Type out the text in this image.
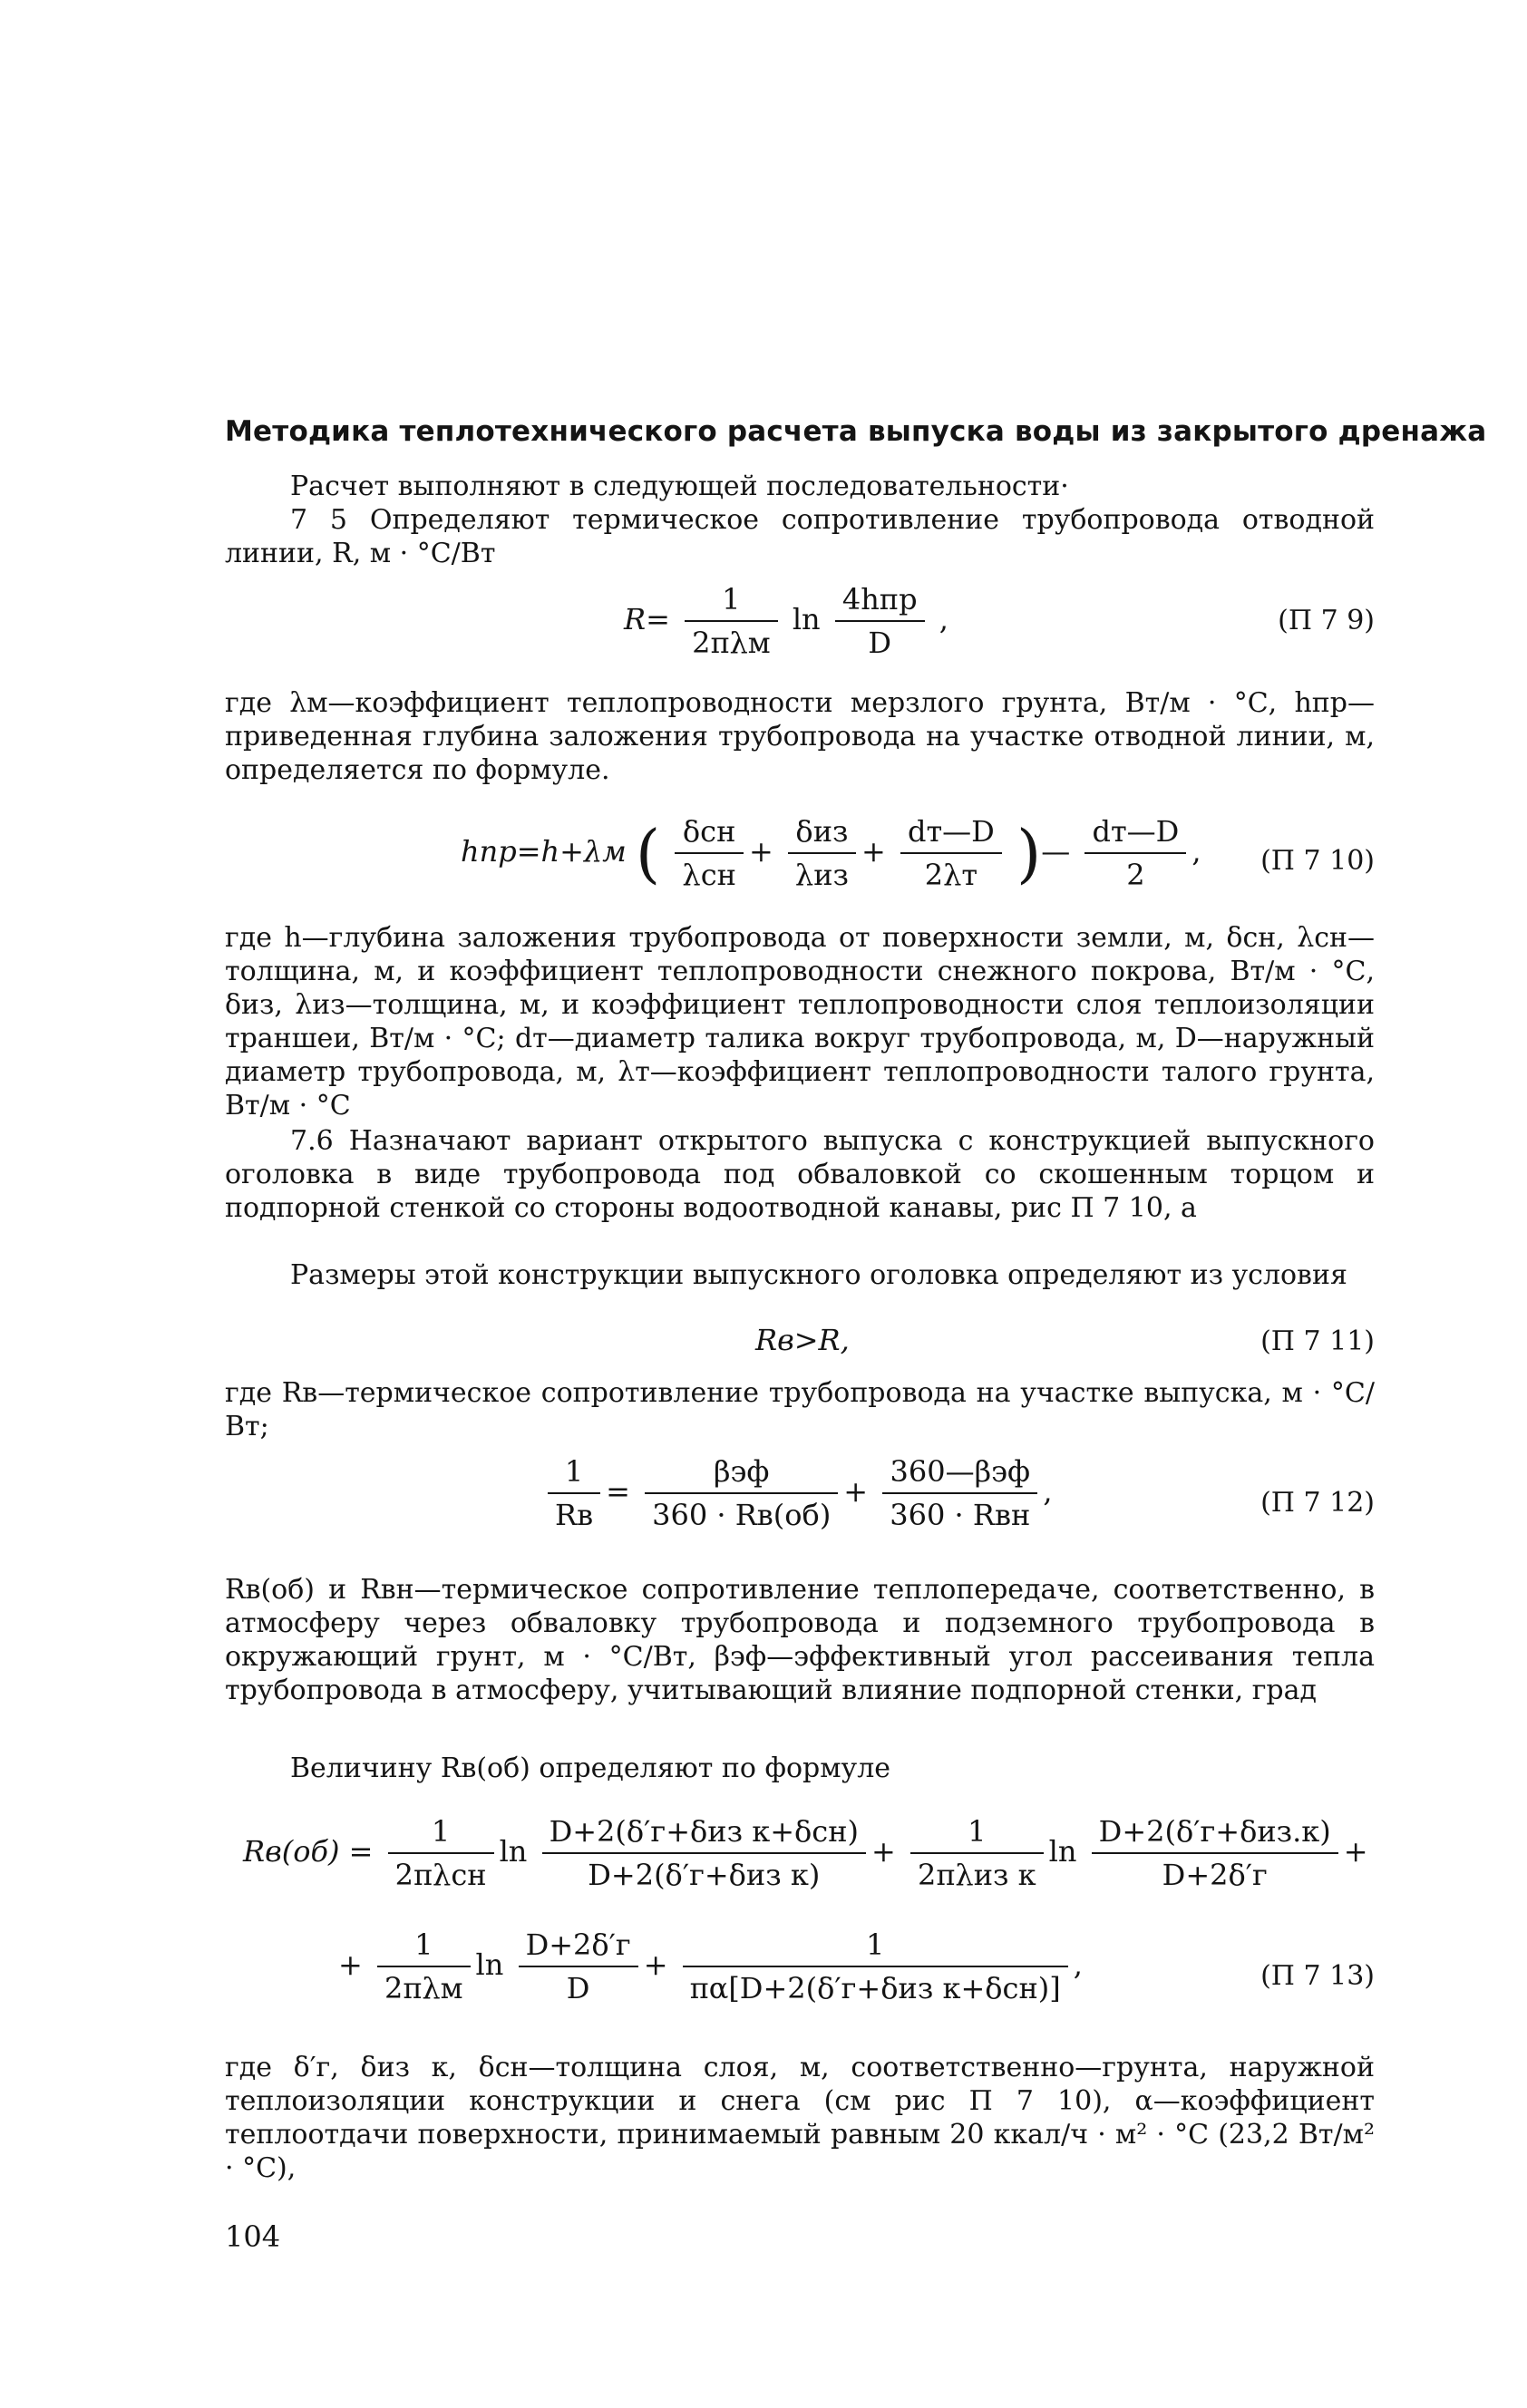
Методика теплотехнического расчета выпуска воды из закрытого дренажа
Расчет выполняют в следующей последовательности·
7 5 Определяют термическое сопротивление трубопровода отводной линии, R, м · °С/Вт
$R= \frac{1}{\text{2πλм}}$ $\ln \frac{\text{4hпр}}{D}$ ,	(П 7 9)
где λм—коэффициент теплопроводности мерзлого грунта, Вт/м · °С, hпр—приведенная глубина заложения трубопровода на участке отводной линии, м, определяется по формуле.
hпр=h+λм ( $\frac{\text{δсн}}{\text{λсн}} + \frac{\text{δиз}}{\text{λиз}} + \frac{dт—D}{2\lambda т}$ )— $\frac{dт—D}{2}$ , (П 7 10)
где h—глубина заложения трубопровода от поверхности земли, м, δсн, λсн—толщина, м, и коэффициент теплопроводности снежного покрова, Вт/м · °С, δиз, λиз—толщина, м, и коэффициент теплопроводности слоя теплоизоляции траншеи, Вт/м · °С; dт—диаметр талика вокруг трубопровода, м, D—наружный диаметр трубопровода, м, λт—коэффициент теплопроводности талого грунта, Вт/м · °С
7.6 Назначают вариант открытого выпуска с конструкцией выпускного оголовка в виде трубопровода под обваловкой со скошенным торцом и подпорной стенкой со стороны водоотводной канавы, рис П 7 10, а
Размеры этой конструкции выпускного оголовка определяют из условия
Rв>R,	(П 7 11)
где Rв—термическое сопротивление трубопровода на участке выпуска, м · °С/Вт;
$\frac{1}{Rв} = \frac{\text{βэф}}{360 \cdot Rв(об)} + \frac{\text{360—βэф}}{\text{360 · Rвн}}$ ,	(П 7 12)
Rв(об) и Rвн—термическое сопротивление теплопередаче, соответственно, в атмосферу через обваловку трубопровода и подземного трубопровода в окружающий грунт, м · °С/Вт, βэф—эффективный угол рассеивания тепла трубопровода в атмосферу, учитывающий влияние подпорной стенки, град
Величину Rв(об) определяют по формуле
$Rв(об) = \frac{1}{\text{2πλсн}}$ $\ln \frac{\text{D+2(δ′г+δиз к+δсн)}}{\text{D+2(δ′г+δиз к)}} + \frac{1}{\text{2πλиз к}}$ $\ln \frac{\text{D+2(δ′г+δиз.к)}}{D+2\delta'г}$ +
+ $\frac{1}{\text{2πλм}}$ $\ln \frac{D+2\delta'г}{D} + \frac{1}{\text{πα[D+2(δ′г+δиз к+δсн)]}}$ ,	(П 7 13)
где δ′г, δиз к, δсн—толщина слоя, м, соответственно—грунта, наружной теплоизоляции конструкции и снега (см рис П 7 10), α—коэффициент теплоотдачи поверхности, принимаемый равным 20 ккал/ч · м² · °С (23,2 Вт/м² · °С),
104
